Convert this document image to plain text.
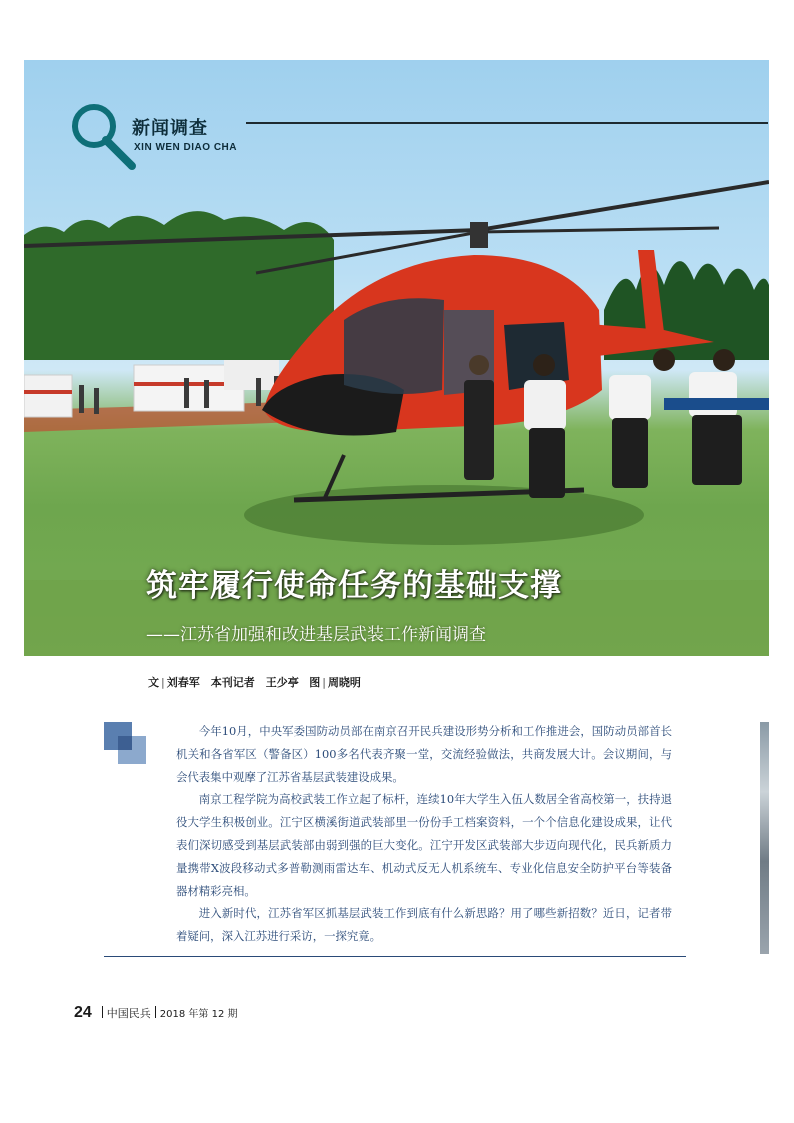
新闻调查
XIN WEN DIAO CHA
筑牢履行使命任务的基础支撑
——江苏省加强和改进基层武装工作新闻调查
文 | 刘春军　本刊记者　王少亭 图 | 周晓明

今年10月，中央军委国防动员部在南京召开民兵建设形势分析和工作推进会，国防动员部首长机关和各省军区（警备区）100多名代表齐聚一堂，交流经验做法，共商发展大计。会议期间，与会代表集中观摩了江苏省基层武装建设成果。

南京工程学院为高校武装工作立起了标杆，连续10年大学生入伍人数居全省高校第一，扶持退役大学生积极创业。江宁区横溪街道武装部里一份份手工档案资料，一个个信息化建设成果，让代表们深切感受到基层武装部由弱到强的巨大变化。江宁开发区武装部大步迈向现代化，民兵新质力量携带X波段移动式多普勒测雨雷达车、机动式反无人机系统车、专业化信息安全防护平台等装备器材精彩亮相。

进入新时代，江苏省军区抓基层武装工作到底有什么新思路？用了哪些新招数？近日，记者带着疑问，深入江苏进行采访，一探究竟。

24 中国民兵 2018 年第 12 期
